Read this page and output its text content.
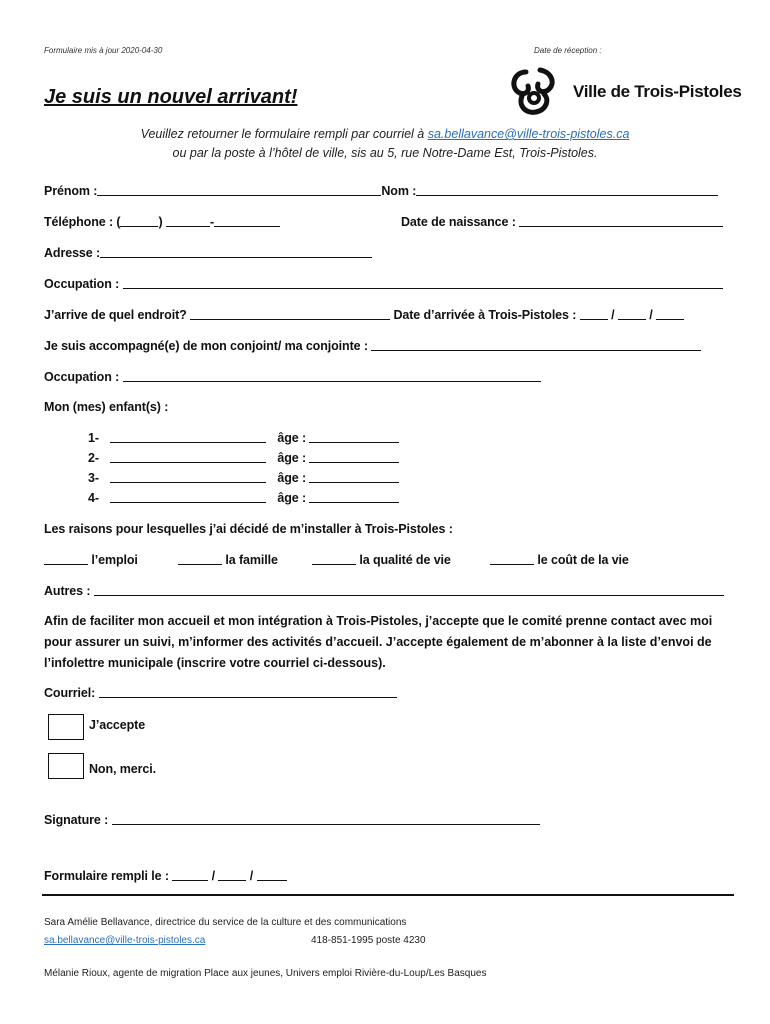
Formulaire mis à jour 2020-04-30	Date de réception :
Ville de Trois-Pistoles
Je suis un nouvel arrivant!
Veuillez retourner le formulaire rempli par courriel à sa.bellavance@ville-trois-pistoles.ca
ou par la poste à l’hôtel de ville, sis au 5, rue Notre-Dame Est, Trois-Pistoles.
Prénom :	Nom :
Téléphone : (	)	-	Date de naissance :
Adresse :
Occupation :
J’arrive de quel endroit?	Date d’arrivée à Trois-Pistoles :	/	/
Je suis accompagné(e) de mon conjoint/ ma conjointe :
Occupation :
Mon (mes) enfant(s) :
1-	âge :
2-	âge :
3-	âge :
4-	âge :
Les raisons pour lesquelles j’ai décidé de m’installer à Trois-Pistoles :
l’emploi	la famille	la qualité de vie	le coût de la vie
Autres :
Afin de faciliter mon accueil et mon intégration à Trois-Pistoles, j’accepte que le comité prenne contact avec moi pour assurer un suivi, m’informer des activités d’accueil. J’accepte également de m’abonner à la liste d’envoi de l’infolettre municipale (inscrire votre courriel ci-dessous).
Courriel:
J’accepte
Non, merci.
Signature :
Formulaire rempli le :	/	/
Sara Amélie Bellavance, directrice du service de la culture et des communications
sa.bellavance@ville-trois-pistoles.ca	418-851-1995 poste 4230
Mélanie Rioux, agente de migration Place aux jeunes, Univers emploi Rivière-du-Loup/Les Basques
